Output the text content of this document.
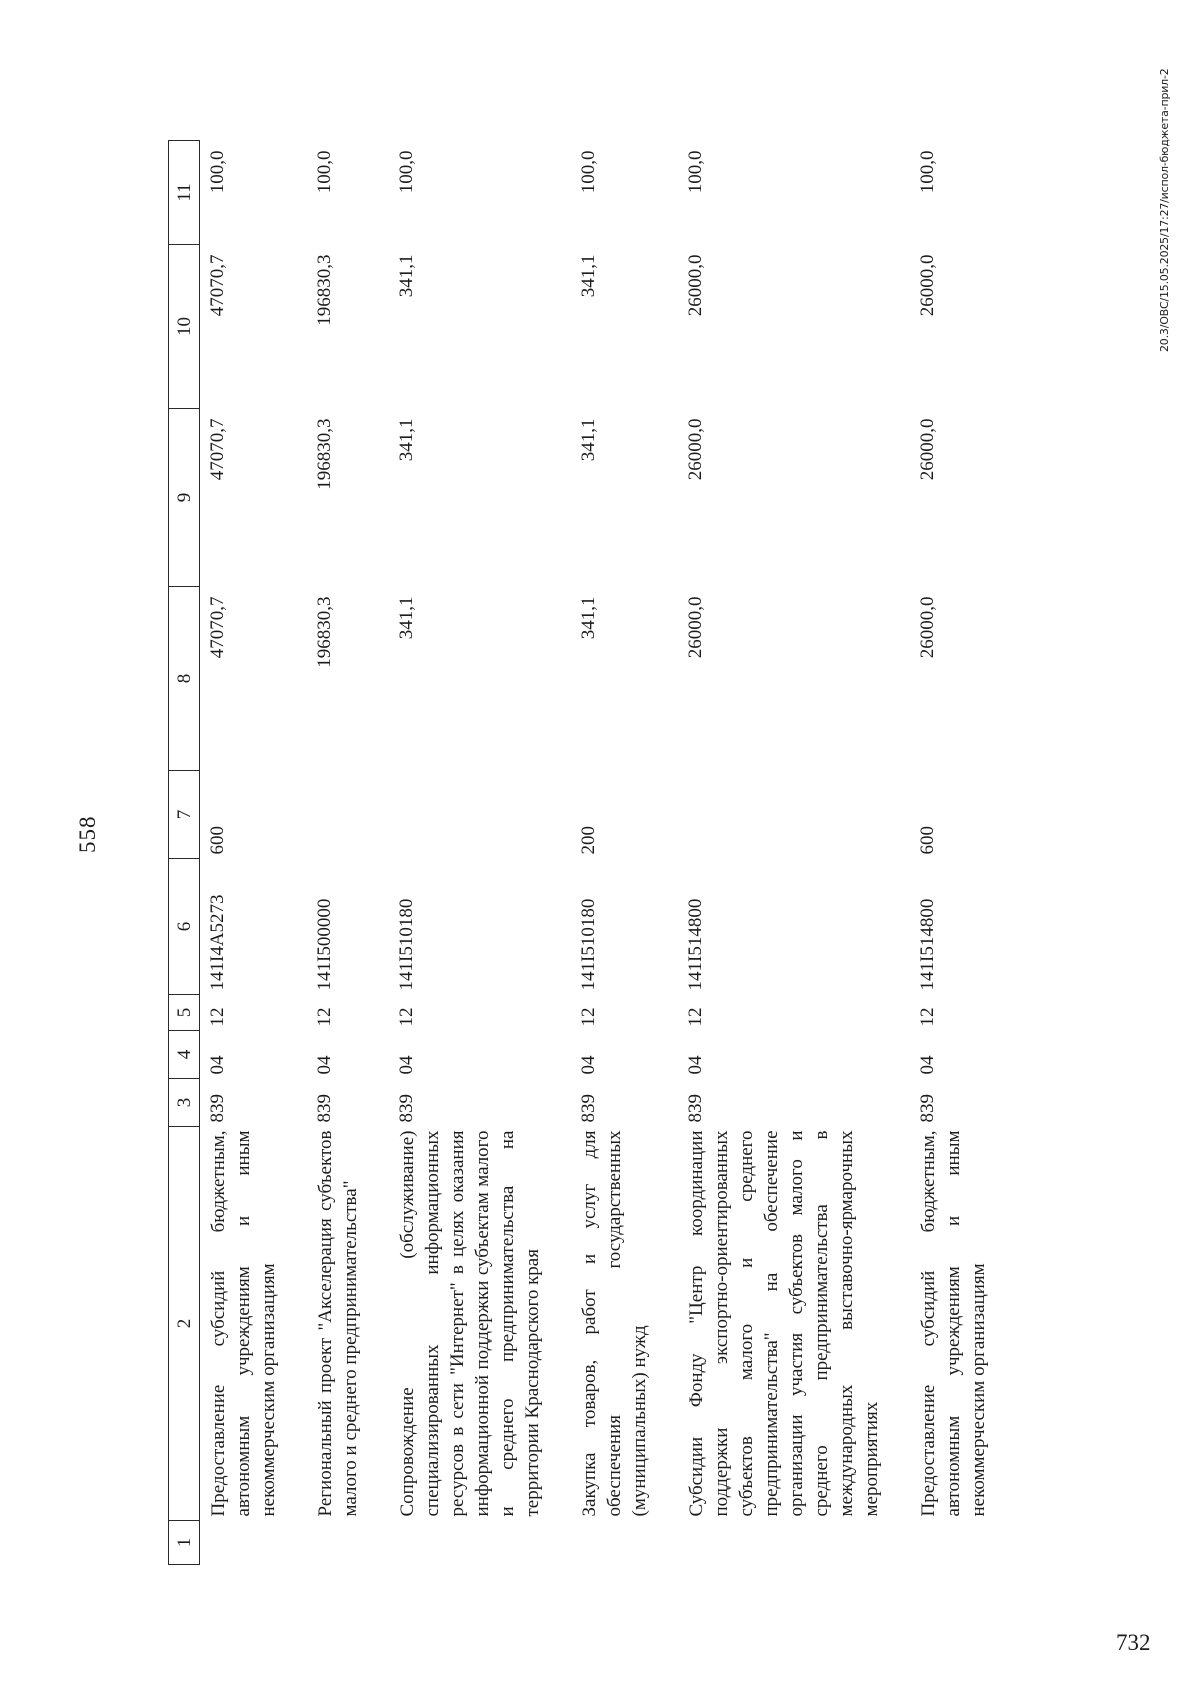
558
1	2	3	4	5	6	7	8	9	10	11
	Предоставление субсидий бюджетным, автономным учреждениям и иным некоммерческим организациям	839	04	12	141I4A5273	600	47070,7	47070,7	47070,7	100,0
	Региональный проект "Акселерация субъектов малого и среднего предпринимательства"	839	04	12	141I500000		196830,3	196830,3	196830,3	100,0
	Сопровождение (обслуживание) специализированных информационных ресурсов в сети "Интернет" в целях оказания информационной поддержки субъектам малого и среднего предпринимательства на территории Краснодарского края	839	04	12	141I510180		341,1	341,1	341,1	100,0
	Закупка товаров, работ и услуг для обеспечения государственных (муниципальных) нужд	839	04	12	141I510180	200	341,1	341,1	341,1	100,0
	Субсидии Фонду "Центр координации поддержки экспортно-ориентированных субъектов малого и среднего предпринимательства" на обеспечение организации участия субъектов малого и среднего предпринимательства в международных выставочно-ярмарочных мероприятиях	839	04	12	141I514800		26000,0	26000,0	26000,0	100,0
	Предоставление субсидий бюджетным, автономным учреждениям и иным некоммерческим организациям	839	04	12	141I514800	600	26000,0	26000,0	26000,0	100,0	20.3/ОВС/15.05.2025/17:27/испол-бюджета-прил-2
732
